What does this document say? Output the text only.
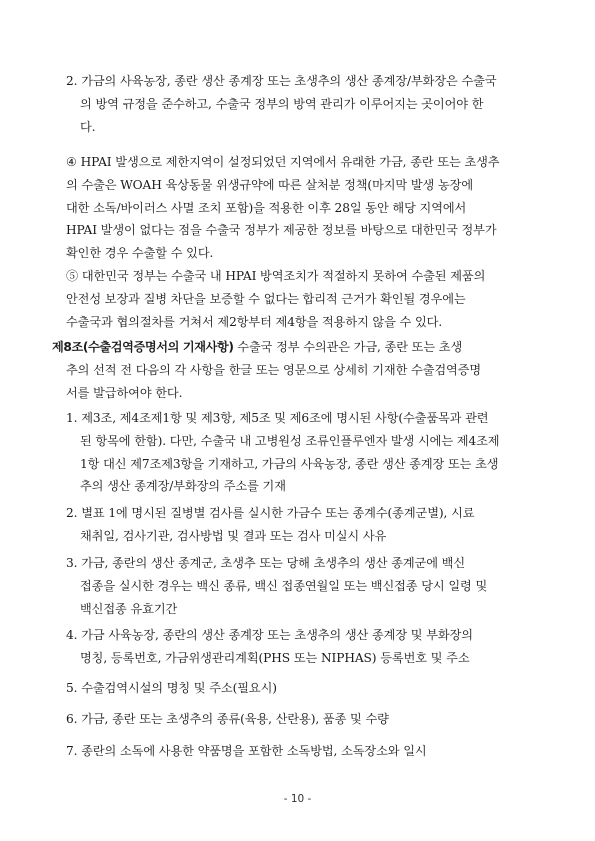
2. 가금의 사육농장, 종란 생산 종계장 또는 초생추의 생산 종계장/부화장은 수출국
의 방역 규정을 준수하고, 수출국 정부의 방역 관리가 이루어지는 곳이어야 한
다.
④ HPAI 발생으로 제한지역이 설정되었던 지역에서 유래한 가금, 종란 또는 초생추
의 수출은 WOAH 육상동물 위생규약에 따른 살처분 정책(마지막 발생 농장에
대한 소독/바이러스 사멸 조치 포함)을 적용한 이후 28일 동안 해당 지역에서
HPAI 발생이 없다는 점을 수출국 정부가 제공한 정보를 바탕으로 대한민국 정부가
확인한 경우 수출할 수 있다.
⑤ 대한민국 정부는 수출국 내 HPAI 방역조치가 적절하지 못하여 수출된 제품의
안전성 보장과 질병 차단을 보증할 수 없다는 합리적 근거가 확인될 경우에는
수출국과 협의절차를 거쳐서 제2항부터 제4항을 적용하지 않을 수 있다.
제8조(수출검역증명서의 기재사항) 수출국 정부 수의관은 가금, 종란 또는 초생
추의 선적 전 다음의 각 사항을 한글 또는 영문으로 상세히 기재한 수출검역증명
서를 발급하여야 한다.
1. 제3조, 제4조제1항 및 제3항, 제5조 및 제6조에 명시된 사항(수출품목과 관련
된 항목에 한함). 다만, 수출국 내 고병원성 조류인플루엔자 발생 시에는 제4조제
1항 대신 제7조제3항을 기재하고, 가금의 사육농장, 종란 생산 종계장 또는 초생
추의 생산 종계장/부화장의 주소를 기재
2. 별표 1에 명시된 질병별 검사를 실시한 가금수 또는 종계수(종계군별), 시료
채취일, 검사기관, 검사방법 및 결과 또는 검사 미실시 사유
3. 가금, 종란의 생산 종계군, 초생추 또는 당해 초생추의 생산 종계군에 백신
접종을 실시한 경우는 백신 종류, 백신 접종연월일 또는 백신접종 당시 일령 및
백신접종 유효기간
4. 가금 사육농장, 종란의 생산 종계장 또는 초생추의 생산 종계장 및 부화장의
명칭, 등록번호, 가금위생관리계획(PHS 또는 NIPHAS) 등록번호 및 주소
5. 수출검역시설의 명칭 및 주소(필요시)
6. 가금, 종란 또는 초생추의 종류(육용, 산란용), 품종 및 수량
7. 종란의 소독에 사용한 약품명을 포함한 소독방법, 소독장소와 일시
- 10 -
